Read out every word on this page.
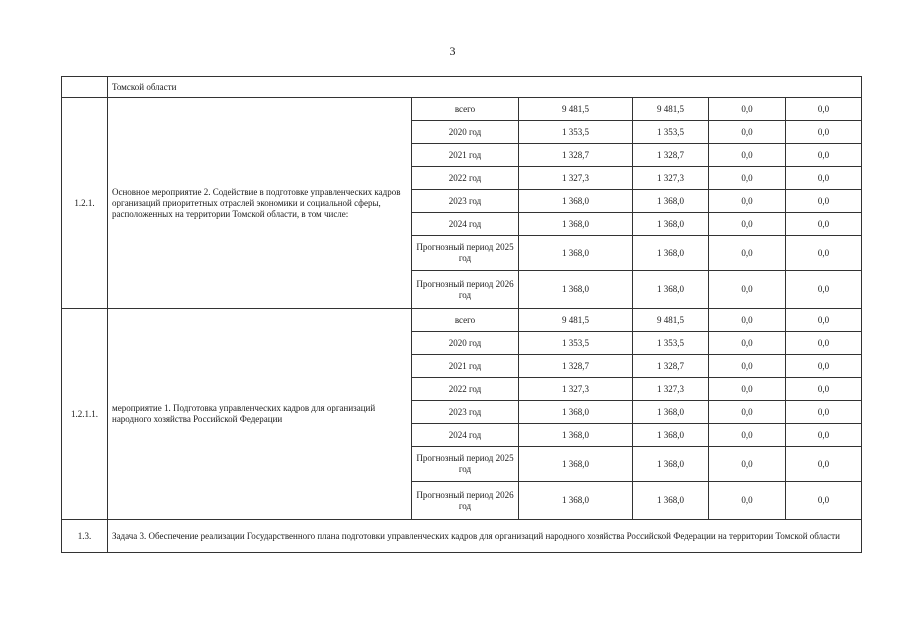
3
	Томской области					
1.2.1.	Основное мероприятие 2. Содействие в подготовке управленческих кадров организаций приоритетных отраслей экономики и социальной сферы, расположенных на территории Томской области, в том числе:	всего	9 481,5	9 481,5	0,0	0,0
		2020 год	1 353,5	1 353,5	0,0	0,0
		2021 год	1 328,7	1 328,7	0,0	0,0
		2022 год	1 327,3	1 327,3	0,0	0,0
		2023 год	1 368,0	1 368,0	0,0	0,0
		2024 год	1 368,0	1 368,0	0,0	0,0
		Прогнозный период 2025 год	1 368,0	1 368,0	0,0	0,0
		Прогнозный период 2026 год	1 368,0	1 368,0	0,0	0,0
1.2.1.1.	мероприятие 1. Подготовка управленческих кадров для организаций народного хозяйства Российской Федерации	всего	9 481,5	9 481,5	0,0	0,0
		2020 год	1 353,5	1 353,5	0,0	0,0
		2021 год	1 328,7	1 328,7	0,0	0,0
		2022 год	1 327,3	1 327,3	0,0	0,0
		2023 год	1 368,0	1 368,0	0,0	0,0
		2024 год	1 368,0	1 368,0	0,0	0,0
		Прогнозный период 2025 год	1 368,0	1 368,0	0,0	0,0
		Прогнозный период 2026 год	1 368,0	1 368,0	0,0	0,0
1.3.	Задача 3. Обеспечение реализации Государственного плана подготовки управленческих кадров для организаций народного хозяйства Российской Федерации на территории Томской области					
